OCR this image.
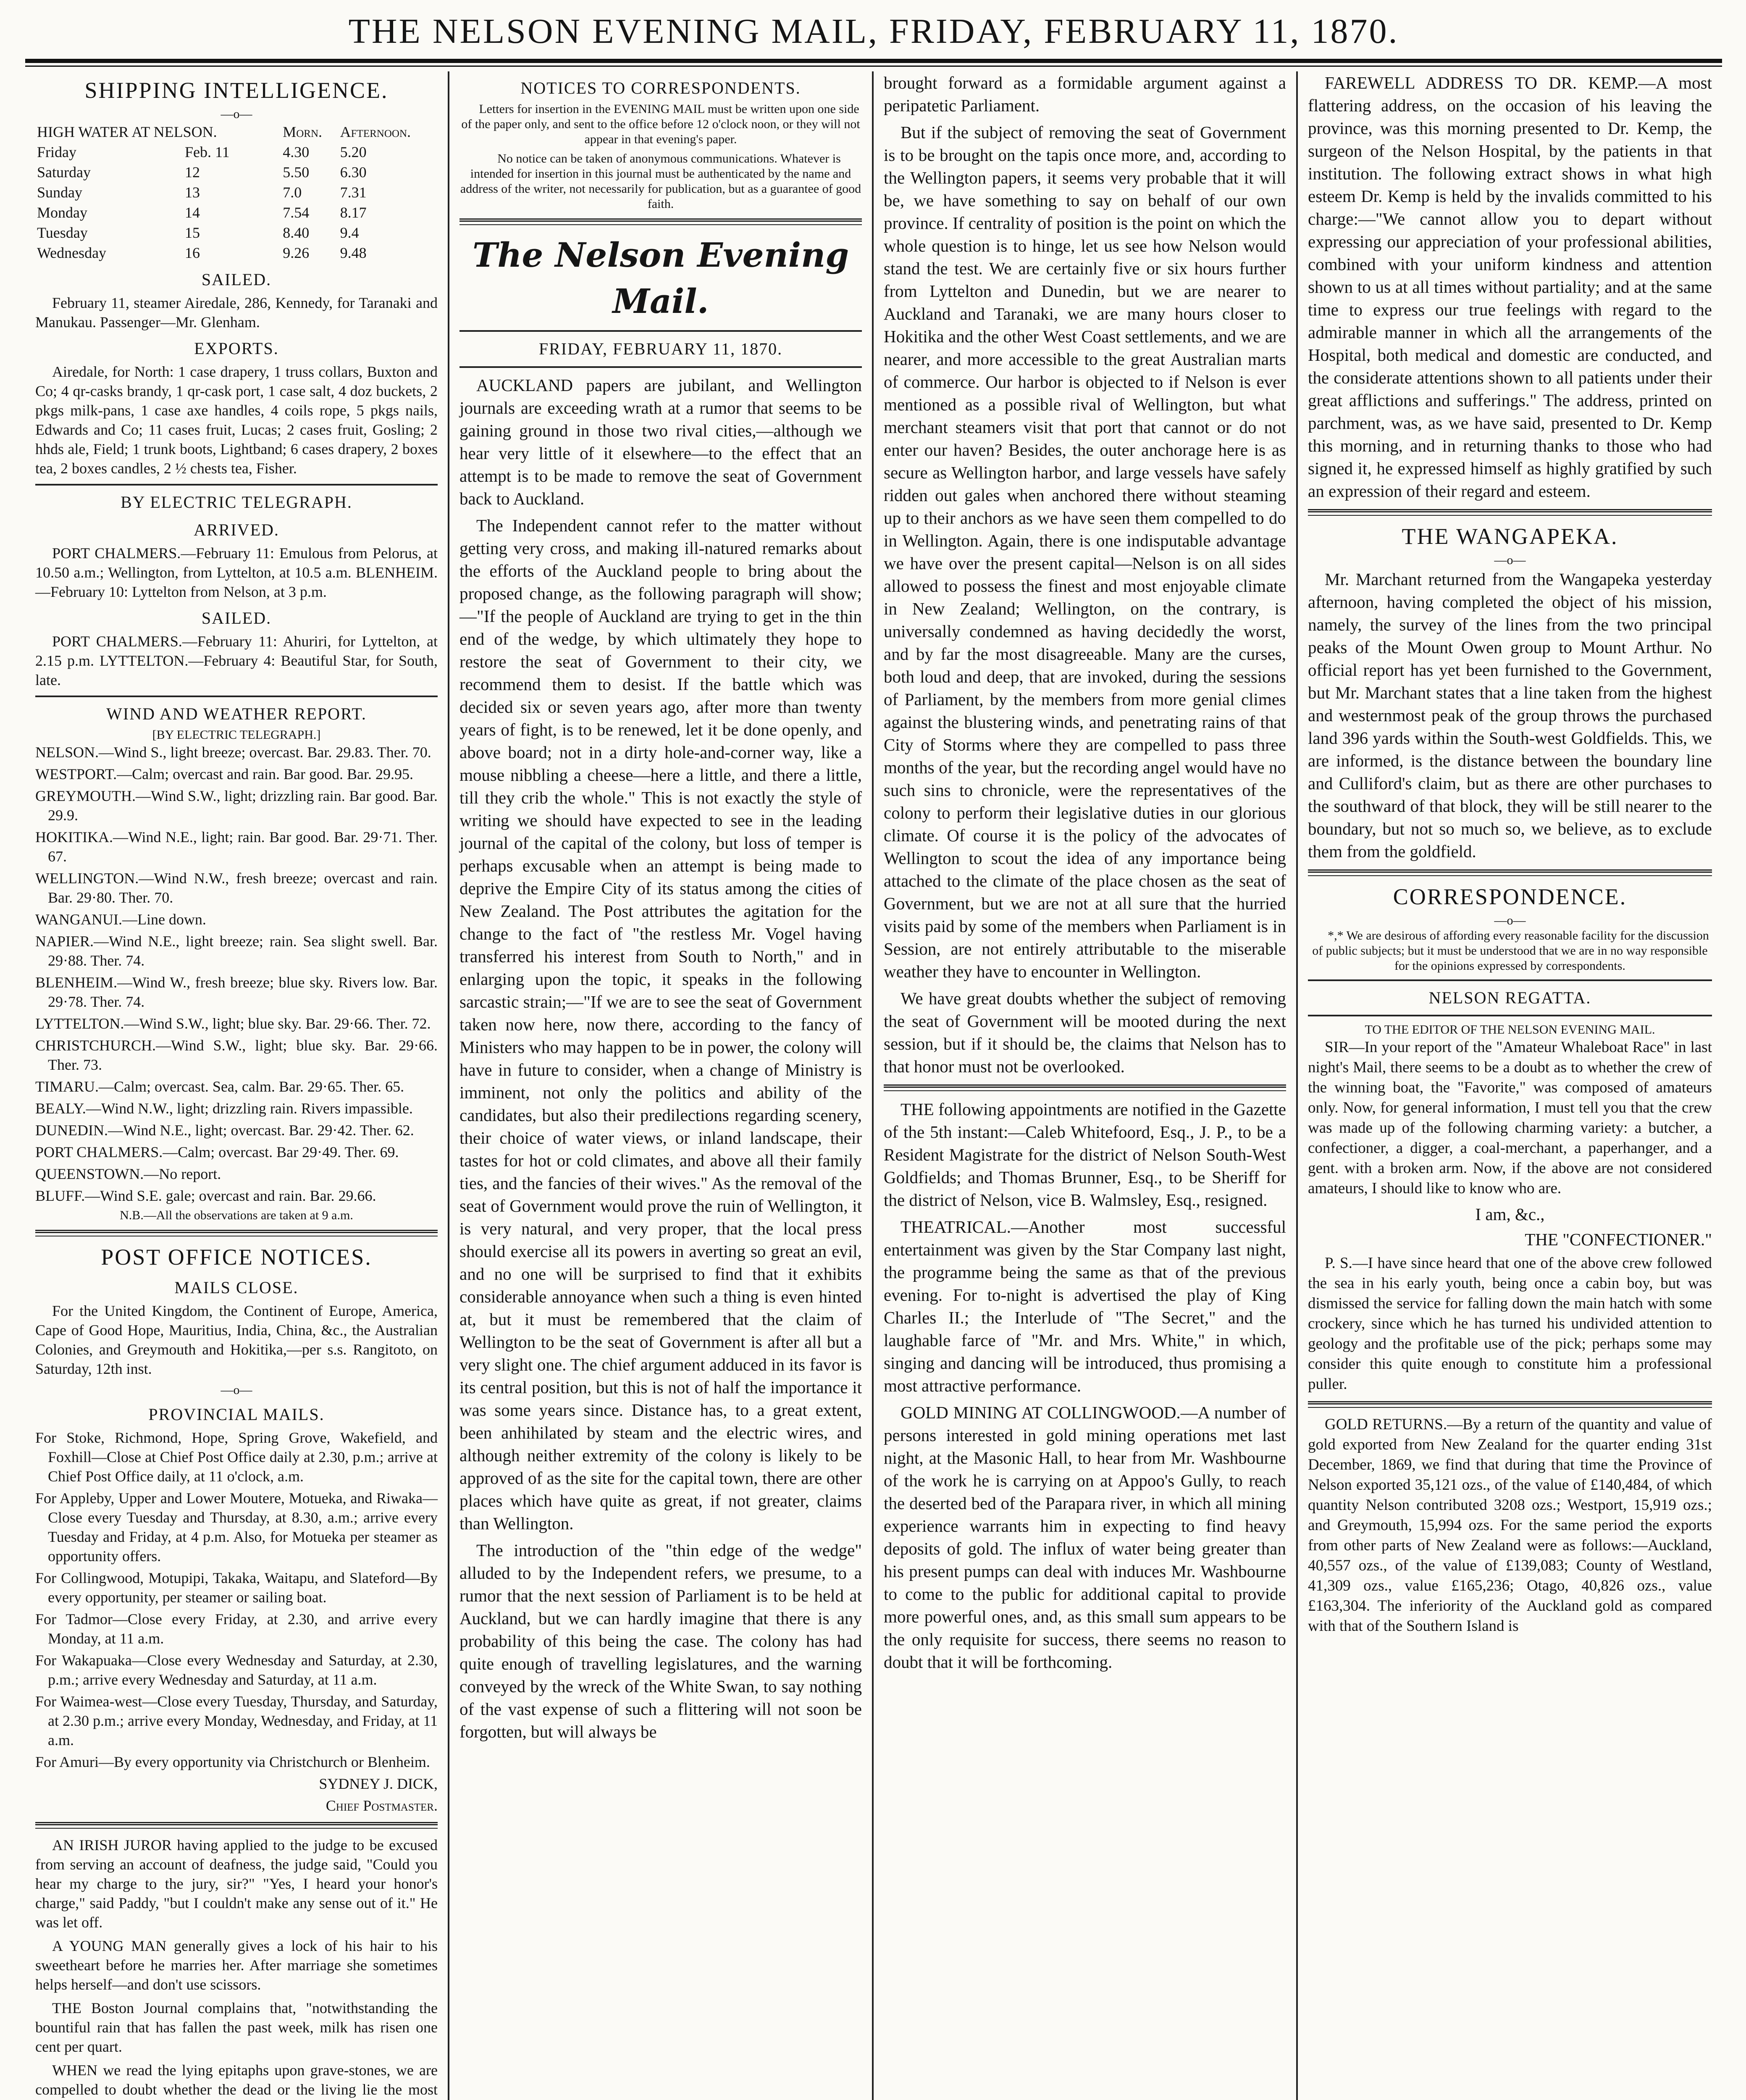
THE NELSON EVENING MAIL, FRIDAY, FEBRUARY 11, 1870.
SHIPPING INTELLIGENCE.
—o—
HIGH WATER AT NELSON.		Morn.	Afternoon.
Friday	Feb. 11	4.30	5.20
Saturday	12	5.50	6.30
Sunday	13	7.0	7.31
Monday	14	7.54	8.17
Tuesday	15	8.40	9.4
Wednesday	16	9.26	9.48
SAILED.

February 11, steamer Airedale, 286, Kennedy, for Taranaki and Manukau. Passenger—Mr. Glenham.

EXPORTS.

Airedale, for North: 1 case drapery, 1 truss collars, Buxton and Co; 4 qr-casks brandy, 1 qr-cask port, 1 case salt, 4 doz buckets, 2 pkgs milk-pans, 1 case axe handles, 4 coils rope, 5 pkgs nails, Edwards and Co; 11 cases fruit, Lucas; 2 cases fruit, Gosling; 2 hhds ale, Field; 1 trunk boots, Lightband; 6 cases drapery, 2 boxes tea, 2 boxes candles, 2 ½ chests tea, Fisher.

BY ELECTRIC TELEGRAPH.
ARRIVED.

PORT CHALMERS.—February 11: Emulous from Pelorus, at 10.50 a.m.; Wellington, from Lyttelton, at 10.5 a.m. BLENHEIM.—February 10: Lyttelton from Nelson, at 3 p.m.

SAILED.

PORT CHALMERS.—February 11: Ahuriri, for Lyttelton, at 2.15 p.m. LYTTELTON.—February 4: Beautiful Star, for South, late.

WIND AND WEATHER REPORT.
[BY ELECTRIC TELEGRAPH.]
NELSON.—Wind S., light breeze; overcast. Bar. 29.83. Ther. 70.
WESTPORT.—Calm; overcast and rain. Bar good. Bar. 29.95.
GREYMOUTH.—Wind S.W., light; drizzling rain. Bar good. Bar. 29.9.
HOKITIKA.—Wind N.E., light; rain. Bar good. Bar. 29·71. Ther. 67.
WELLINGTON.—Wind N.W., fresh breeze; overcast and rain. Bar. 29·80. Ther. 70.
WANGANUI.—Line down.
NAPIER.—Wind N.E., light breeze; rain. Sea slight swell. Bar. 29·88. Ther. 74.
BLENHEIM.—Wind W., fresh breeze; blue sky. Rivers low. Bar. 29·78. Ther. 74.
LYTTELTON.—Wind S.W., light; blue sky. Bar. 29·66. Ther. 72.
CHRISTCHURCH.—Wind S.W., light; blue sky. Bar. 29·66. Ther. 73.
TIMARU.—Calm; overcast. Sea, calm. Bar. 29·65. Ther. 65.
BEALY.—Wind N.W., light; drizzling rain. Rivers impassible.
DUNEDIN.—Wind N.E., light; overcast. Bar. 29·42. Ther. 62.
PORT CHALMERS.—Calm; overcast. Bar 29·49. Ther. 69.
QUEENSTOWN.—No report.
BLUFF.—Wind S.E. gale; overcast and rain. Bar. 29.66.
N.B.—All the observations are taken at 9 a.m.
POST OFFICE NOTICES.
MAILS CLOSE.

For the United Kingdom, the Continent of Europe, America, Cape of Good Hope, Mauritius, India, China, &c., the Australian Colonies, and Greymouth and Hokitika,—per s.s. Rangitoto, on Saturday, 12th inst.

—o—
PROVINCIAL MAILS.
For Stoke, Richmond, Hope, Spring Grove, Wakefield, and Foxhill—Close at Chief Post Office daily at 2.30, p.m.; arrive at Chief Post Office daily, at 11 o'clock, a.m.
For Appleby, Upper and Lower Moutere, Motueka, and Riwaka—Close every Tuesday and Thursday, at 8.30, a.m.; arrive every Tuesday and Friday, at 4 p.m. Also, for Motueka per steamer as opportunity offers.
For Collingwood, Motupipi, Takaka, Waitapu, and Slateford—By every opportunity, per steamer or sailing boat.
For Tadmor—Close every Friday, at 2.30, and arrive every Monday, at 11 a.m.
For Wakapuaka—Close every Wednesday and Saturday, at 2.30, p.m.; arrive every Wednesday and Saturday, at 11 a.m.
For Waimea-west—Close every Tuesday, Thursday, and Saturday, at 2.30 p.m.; arrive every Monday, Wednesday, and Friday, at 11 a.m.
For Amuri—By every opportunity via Christchurch or Blenheim.
SYDNEY J. DICK,
Chief Postmaster.

AN IRISH JUROR having applied to the judge to be excused from serving an account of deafness, the judge said, "Could you hear my charge to the jury, sir?" "Yes, I heard your honor's charge," said Paddy, "but I couldn't make any sense out of it." He was let off.

A YOUNG MAN generally gives a lock of his hair to his sweetheart before he marries her. After marriage she sometimes helps herself—and don't use scissors.

THE Boston Journal complains that, "notwithstanding the bountiful rain that has fallen the past week, milk has risen one cent per quart.

WHEN we read the lying epitaphs upon grave-stones, we are compelled to doubt whether the dead or the living lie the most

NOTICES TO CORRESPONDENTS.

Letters for insertion in the EVENING MAIL must be written upon one side of the paper only, and sent to the office before 12 o'clock noon, or they will not appear in that evening's paper.

No notice can be taken of anonymous communications. Whatever is intended for insertion in this journal must be authenticated by the name and address of the writer, not necessarily for publication, but as a guarantee of good faith.

The Nelson Evening Mail.
FRIDAY, FEBRUARY 11, 1870.

AUCKLAND papers are jubilant, and Wellington journals are exceeding wrath at a rumor that seems to be gaining ground in those two rival cities,—although we hear very little of it elsewhere—to the effect that an attempt is to be made to remove the seat of Government back to Auckland.

The Independent cannot refer to the matter without getting very cross, and making ill-natured remarks about the efforts of the Auckland people to bring about the proposed change, as the following paragraph will show;—"If the people of Auckland are trying to get in the thin end of the wedge, by which ultimately they hope to restore the seat of Government to their city, we recommend them to desist. If the battle which was decided six or seven years ago, after more than twenty years of fight, is to be renewed, let it be done openly, and above board; not in a dirty hole-and-corner way, like a mouse nibbling a cheese—here a little, and there a little, till they crib the whole." This is not exactly the style of writing we should have expected to see in the leading journal of the capital of the colony, but loss of temper is perhaps excusable when an attempt is being made to deprive the Empire City of its status among the cities of New Zealand. The Post attributes the agitation for the change to the fact of "the restless Mr. Vogel having transferred his interest from South to North," and in enlarging upon the topic, it speaks in the following sarcastic strain;—"If we are to see the seat of Government taken now here, now there, according to the fancy of Ministers who may happen to be in power, the colony will have in future to consider, when a change of Ministry is imminent, not only the politics and ability of the candidates, but also their predilections regarding scenery, their choice of water views, or inland landscape, their tastes for hot or cold climates, and above all their family ties, and the fancies of their wives." As the removal of the seat of Government would prove the ruin of Wellington, it is very natural, and very proper, that the local press should exercise all its powers in averting so great an evil, and no one will be surprised to find that it exhibits considerable annoyance when such a thing is even hinted at, but it must be remembered that the claim of Wellington to be the seat of Government is after all but a very slight one. The chief argument adduced in its favor is its central position, but this is not of half the importance it was some years since. Distance has, to a great extent, been anhihilated by steam and the electric wires, and although neither extremity of the colony is likely to be approved of as the site for the capital town, there are other places which have quite as great, if not greater, claims than Wellington.

The introduction of the "thin edge of the wedge" alluded to by the Independent refers, we presume, to a rumor that the next session of Parliament is to be held at Auckland, but we can hardly imagine that there is any probability of this being the case. The colony has had quite enough of travelling legislatures, and the warning conveyed by the wreck of the White Swan, to say nothing of the vast expense of such a flittering will not soon be forgotten, but will always be

brought forward as a formidable argument against a peripatetic Parliament.

But if the subject of removing the seat of Government is to be brought on the tapis once more, and, according to the Wellington papers, it seems very probable that it will be, we have something to say on behalf of our own province. If centrality of position is the point on which the whole question is to hinge, let us see how Nelson would stand the test. We are certainly five or six hours further from Lyttelton and Dunedin, but we are nearer to Auckland and Taranaki, we are many hours closer to Hokitika and the other West Coast settlements, and we are nearer, and more accessible to the great Australian marts of commerce. Our harbor is objected to if Nelson is ever mentioned as a possible rival of Wellington, but what merchant steamers visit that port that cannot or do not enter our haven? Besides, the outer anchorage here is as secure as Wellington harbor, and large vessels have safely ridden out gales when anchored there without steaming up to their anchors as we have seen them compelled to do in Wellington. Again, there is one indisputable advantage we have over the present capital—Nelson is on all sides allowed to possess the finest and most enjoyable climate in New Zealand; Wellington, on the contrary, is universally condemned as having decidedly the worst, and by far the most disagreeable. Many are the curses, both loud and deep, that are invoked, during the sessions of Parliament, by the members from more genial climes against the blustering winds, and penetrating rains of that City of Storms where they are compelled to pass three months of the year, but the recording angel would have no such sins to chronicle, were the representatives of the colony to perform their legislative duties in our glorious climate. Of course it is the policy of the advocates of Wellington to scout the idea of any importance being attached to the climate of the place chosen as the seat of Government, but we are not at all sure that the hurried visits paid by some of the members when Parliament is in Session, are not entirely attributable to the miserable weather they have to encounter in Wellington.

We have great doubts whether the subject of removing the seat of Government will be mooted during the next session, but if it should be, the claims that Nelson has to that honor must not be overlooked.

THE following appointments are notified in the Gazette of the 5th instant:—Caleb Whitefoord, Esq., J. P., to be a Resident Magistrate for the district of Nelson South-West Goldfields; and Thomas Brunner, Esq., to be Sheriff for the district of Nelson, vice B. Walmsley, Esq., resigned.

THEATRICAL.—Another most successful entertainment was given by the Star Company last night, the programme being the same as that of the previous evening. For to-night is advertised the play of King Charles II.; the Interlude of "The Secret," and the laughable farce of "Mr. and Mrs. White," in which, singing and dancing will be introduced, thus promising a most attractive performance.

GOLD MINING AT COLLINGWOOD.—A number of persons interested in gold mining operations met last night, at the Masonic Hall, to hear from Mr. Washbourne of the work he is carrying on at Appoo's Gully, to reach the deserted bed of the Parapara river, in which all mining experience warrants him in expecting to find heavy deposits of gold. The influx of water being greater than his present pumps can deal with induces Mr. Washbourne to come to the public for additional capital to provide more powerful ones, and, as this small sum appears to be the only requisite for success, there seems no reason to doubt that it will be forthcoming.

FAREWELL ADDRESS TO DR. KEMP.—A most flattering address, on the occasion of his leaving the province, was this morning presented to Dr. Kemp, the surgeon of the Nelson Hospital, by the patients in that institution. The following extract shows in what high esteem Dr. Kemp is held by the invalids committed to his charge:—"We cannot allow you to depart without expressing our appreciation of your professional abilities, combined with your uniform kindness and attention shown to us at all times without partiality; and at the same time to express our true feelings with regard to the admirable manner in which all the arrangements of the Hospital, both medical and domestic are conducted, and the considerate attentions shown to all patients under their great afflictions and sufferings." The address, printed on parchment, was, as we have said, presented to Dr. Kemp this morning, and in returning thanks to those who had signed it, he expressed himself as highly gratified by such an expression of their regard and esteem.

THE WANGAPEKA.
—o—

Mr. Marchant returned from the Wangapeka yesterday afternoon, having completed the object of his mission, namely, the survey of the lines from the two principal peaks of the Mount Owen group to Mount Arthur. No official report has yet been furnished to the Government, but Mr. Marchant states that a line taken from the highest and westernmost peak of the group throws the purchased land 396 yards within the South-west Goldfields. This, we are informed, is the distance between the boundary line and Culliford's claim, but as there are other purchases to the southward of that block, they will be still nearer to the boundary, but not so much so, we believe, as to exclude them from the goldfield.

CORRESPONDENCE.
—o—

*,* We are desirous of affording every reasonable facility for the discussion of public subjects; but it must be understood that we are in no way responsible for the opinions expressed by correspondents.

NELSON REGATTA.
TO THE EDITOR OF THE NELSON EVENING MAIL.

SIR—In your report of the "Amateur Whaleboat Race" in last night's Mail, there seems to be a doubt as to whether the crew of the winning boat, the "Favorite," was composed of amateurs only. Now, for general information, I must tell you that the crew was made up of the following charming variety: a butcher, a confectioner, a digger, a coal-merchant, a paperhanger, and a gent. with a broken arm. Now, if the above are not considered amateurs, I should like to know who are.

I am, &c.,
THE "CONFECTIONER."

P. S.—I have since heard that one of the above crew followed the sea in his early youth, being once a cabin boy, but was dismissed the service for falling down the main hatch with some crockery, since which he has turned his undivided attention to geology and the profitable use of the pick; perhaps some may consider this quite enough to constitute him a professional puller.

GOLD RETURNS.—By a return of the quantity and value of gold exported from New Zealand for the quarter ending 31st December, 1869, we find that during that time the Province of Nelson exported 35,121 ozs., of the value of £140,484, of which quantity Nelson contributed 3208 ozs.; Westport, 15,919 ozs.; and Greymouth, 15,994 ozs. For the same period the exports from other parts of New Zealand were as follows:—Auckland, 40,557 ozs., of the value of £139,083; County of Westland, 41,309 ozs., value £165,236; Otago, 40,826 ozs., value £163,304. The inferiority of the Auckland gold as compared with that of the Southern Island is
